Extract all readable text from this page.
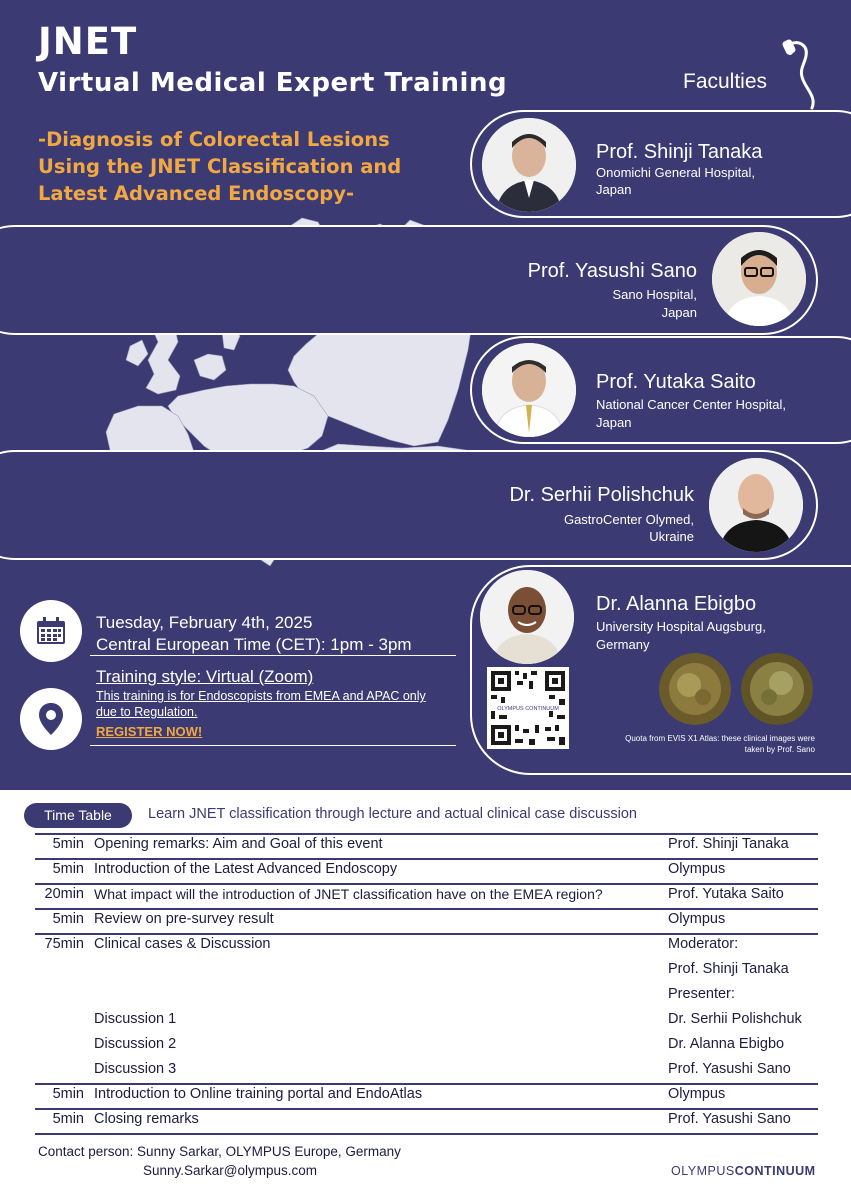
JNET
Virtual Medical Expert Training
-Diagnosis of Colorectal Lesions
Using the JNET Classification and
Latest Advanced Endoscopy-
Faculties
Prof. Shinji Tanaka
Onomichi General Hospital,
Japan
Prof. Yasushi Sano
Sano Hospital,
Japan
Prof. Yutaka Saito
National Cancer Center Hospital,
Japan
Dr. Serhii Polishchuk
GastroCenter Olymed,
Ukraine
Dr. Alanna Ebigbo
University Hospital Augsburg,
Germany
OLYMPUS CONTINUUM
Quota from EVIS X1 Atlas: these clinical images were
taken by Prof. Sano
Tuesday, February 4th, 2025
Central European Time (CET): 1pm - 3pm
Training style: Virtual (Zoom)
This training is for Endoscopists from EMEA and APAC only
due to Regulation.
REGISTER NOW!
Time Table	Learn JNET classification through lecture and actual clinical case discussion
5min Opening remarks: Aim and Goal of this event	Prof. Shinji Tanaka
5min Introduction of the Latest Advanced Endoscopy	Olympus
20min What impact will the introduction of JNET classification have on the EMEA region?	Prof. Yutaka Saito
5min Review on pre-survey result	Olympus
75min Clinical cases & Discussion	Moderator:
Prof. Shinji Tanaka
Presenter:
Discussion 1	Dr. Serhii Polishchuk
Discussion 2	Dr. Alanna Ebigbo
Discussion 3	Prof. Yasushi Sano
5min Introduction to Online training portal and EndoAtlas	Olympus
5min Closing remarks	Prof. Yasushi Sano
Contact person: Sunny Sarkar, OLYMPUS Europe, Germany
Sunny.Sarkar@olympus.com	OLYMPUSCONTINUUM
